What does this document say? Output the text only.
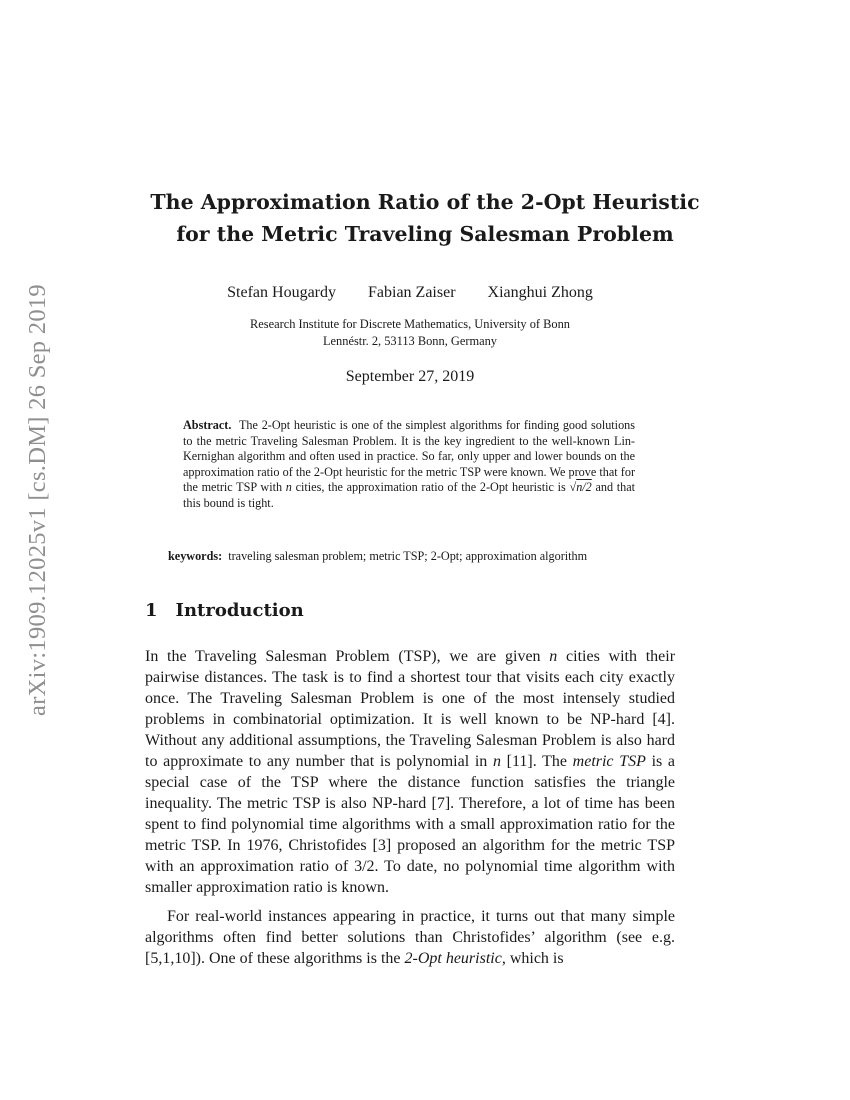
arXiv:1909.12025v1 [cs.DM] 26 Sep 2019
The Approximation Ratio of the 2-Opt Heuristic
for the Metric Traveling Salesman Problem
Stefan Hougardy Fabian Zaiser Xianghui Zhong
Research Institute for Discrete Mathematics, University of Bonn
Lennéstr. 2, 53113 Bonn, Germany
September 27, 2019
Abstract. The 2-Opt heuristic is one of the simplest algorithms for finding good solutions to the metric Traveling Salesman Problem. It is the key ingredient to the well-known Lin-Kernighan algorithm and often used in practice. So far, only upper and lower bounds on the approximation ratio of the 2-Opt heuristic for the metric TSP were known. We prove that for the metric TSP with n cities, the approximation ratio of the 2-Opt heuristic is √n/2 and that this bound is tight.
keywords: traveling salesman problem; metric TSP; 2-Opt; approximation algorithm
1 Introduction

In the Traveling Salesman Problem (TSP), we are given n cities with their pairwise distances. The task is to find a shortest tour that visits each city exactly once. The Traveling Salesman Problem is one of the most intensely studied problems in combinatorial optimization. It is well known to be NP-hard [4]. Without any additional assumptions, the Traveling Salesman Problem is also hard to approximate to any number that is polynomial in n [11]. The metric TSP is a special case of the TSP where the distance function satisfies the triangle inequality. The metric TSP is also NP-hard [7]. Therefore, a lot of time has been spent to find polynomial time algorithms with a small approximation ratio for the metric TSP. In 1976, Christofides [3] proposed an algorithm for the metric TSP with an approximation ratio of 3/2. To date, no polynomial time algorithm with smaller approximation ratio is known.

For real-world instances appearing in practice, it turns out that many simple algorithms often find better solutions than Christofides’ algorithm (see e.g. [5,1,10]). One of these algorithms is the 2-Opt heuristic, which is
